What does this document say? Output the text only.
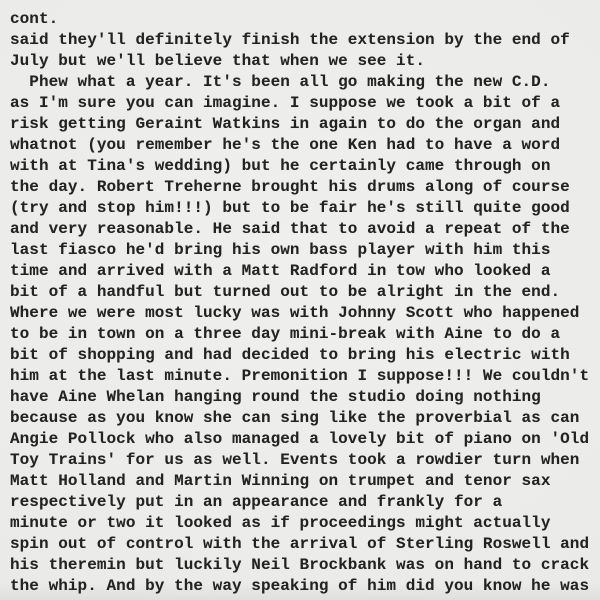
cont.
said they'll definitely finish the extension by the end of
July but we'll believe that when we see it.
Phew what a year. It's been all go making the new C.D.
as I'm sure you can imagine. I suppose we took a bit of a
risk getting Geraint Watkins in again to do the organ and
whatnot (you remember he's the one Ken had to have a word
with at Tina's wedding) but he certainly came through on
the day. Robert Treherne brought his drums along of course
(try and stop him!!!) but to be fair he's still quite good
and very reasonable. He said that to avoid a repeat of the
last fiasco he'd bring his own bass player with him this
time and arrived with a Matt Radford in tow who looked a
bit of a handful but turned out to be alright in the end.
Where we were most lucky was with Johnny Scott who happened
to be in town on a three day mini-break with Aine to do a
bit of shopping and had decided to bring his electric with
him at the last minute. Premonition I suppose!!! We couldn't
have Aine Whelan hanging round the studio doing nothing
because as you know she can sing like the proverbial as can
Angie Pollock who also managed a lovely bit of piano on 'Old
Toy Trains' for us as well. Events took a rowdier turn when
Matt Holland and Martin Winning on trumpet and tenor sax
respectively put in an appearance and frankly for a
minute or two it looked as if proceedings might actually
spin out of control with the arrival of Sterling Roswell and
his theremin but luckily Neil Brockbank was on hand to crack
the whip. And by the way speaking of him did you know he was
